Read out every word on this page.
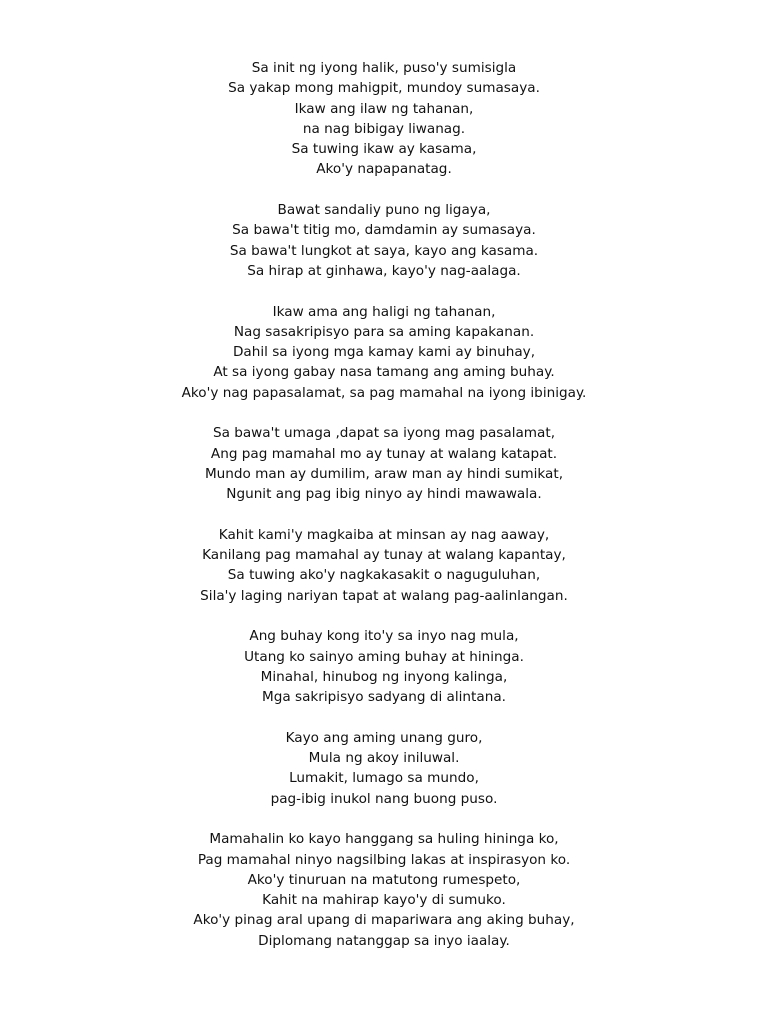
Sa init ng iyong halik, puso'y sumisigla
Sa yakap mong mahigpit, mundoy sumasaya.
Ikaw ang ilaw ng tahanan,
na nag bibigay liwanag.
Sa tuwing ikaw ay kasama,
Ako'y napapanatag.
Bawat sandaliy puno ng ligaya,
Sa bawa't titig mo, damdamin ay sumasaya.
Sa bawa't lungkot at saya, kayo ang kasama.
Sa hirap at ginhawa, kayo'y nag-aalaga.
Ikaw ama ang haligi ng tahanan,
Nag sasakripisyo para sa aming kapakanan.
Dahil sa iyong mga kamay kami ay binuhay,
At sa iyong gabay nasa tamang ang aming buhay.
Ako'y nag papasalamat, sa pag mamahal na iyong ibinigay.
Sa bawa't umaga ,dapat sa iyong mag pasalamat,
Ang pag mamahal mo ay tunay at walang katapat.
Mundo man ay dumilim, araw man ay hindi sumikat,
Ngunit ang pag ibig ninyo ay hindi mawawala.
Kahit kami'y magkaiba at minsan ay nag aaway,
Kanilang pag mamahal ay tunay at walang kapantay,
Sa tuwing ako'y nagkakasakit o naguguluhan,
Sila'y laging nariyan tapat at walang pag-aalinlangan.
Ang buhay kong ito'y sa inyo nag mula,
Utang ko sainyo aming buhay at hininga.
Minahal, hinubog ng inyong kalinga,
Mga sakripisyo sadyang di alintana.
Kayo ang aming unang guro,
Mula ng akoy iniluwal.
Lumakit, lumago sa mundo,
pag-ibig inukol nang buong puso.
Mamahalin ko kayo hanggang sa huling hininga ko,
Pag mamahal ninyo nagsilbing lakas at inspirasyon ko.
Ako'y tinuruan na matutong rumespeto,
Kahit na mahirap kayo'y di sumuko.
Ako'y pinag aral upang di mapariwara ang aking buhay,
Diplomang natanggap sa inyo iaalay.
